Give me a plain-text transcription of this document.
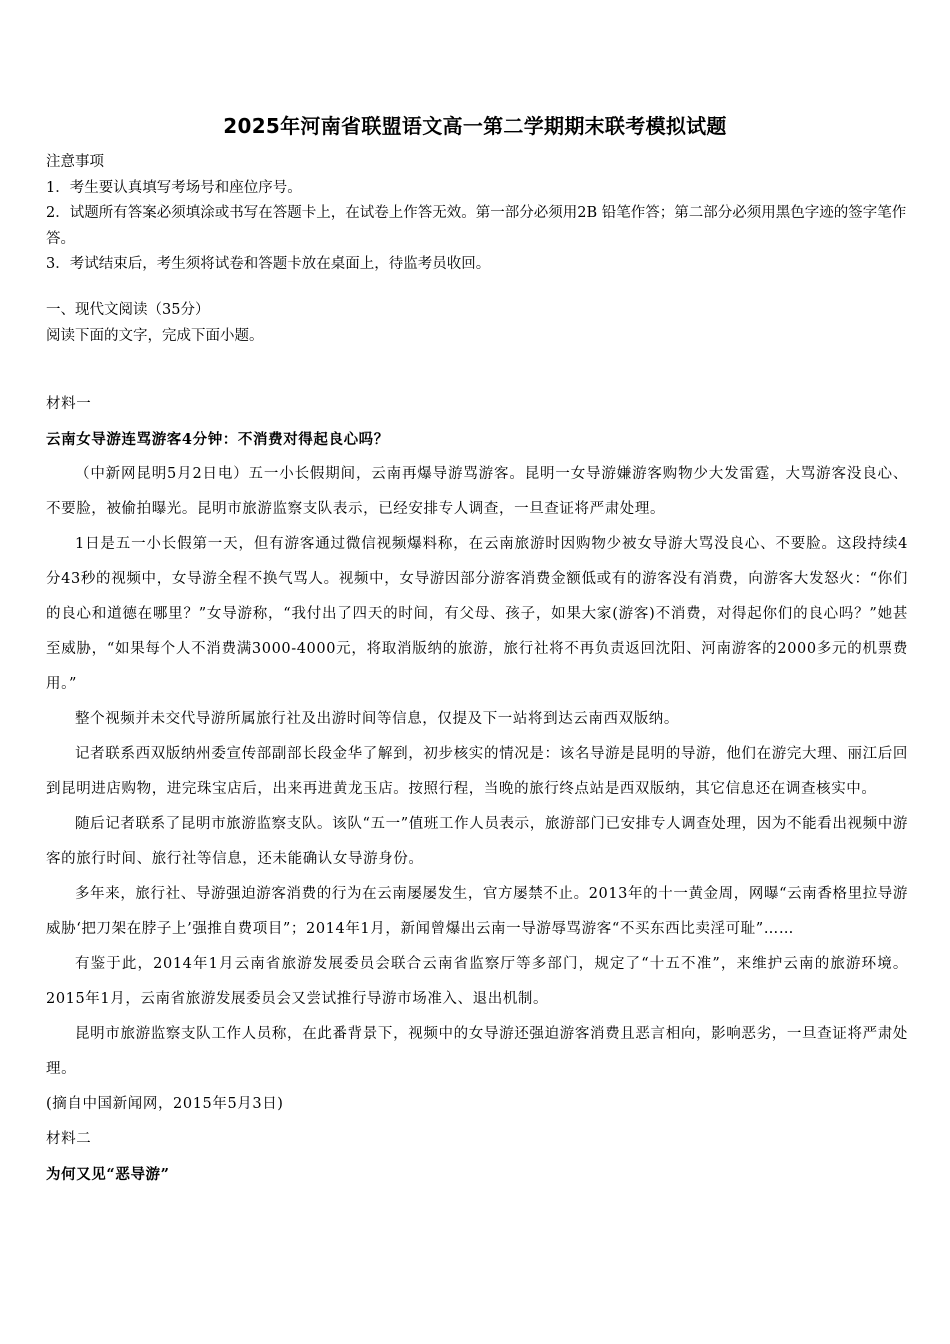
2025年河南省联盟语文高一第二学期期末联考模拟试题

注意事项

1．考生要认真填写考场号和座位序号。

2．试题所有答案必须填涂或书写在答题卡上，在试卷上作答无效。第一部分必须用2B 铅笔作答；第二部分必须用黑色字迹的签字笔作答。

3．考试结束后，考生须将试卷和答题卡放在桌面上，待监考员收回。

一、现代文阅读（35分）

阅读下面的文字，完成下面小题。

材料一

云南女导游连骂游客4分钟：不消费对得起良心吗？

（中新网昆明5月2日电）五一小长假期间，云南再爆导游骂游客。昆明一女导游嫌游客购物少大发雷霆，大骂游客没良心、不要脸，被偷拍曝光。昆明市旅游监察支队表示，已经安排专人调查，一旦查证将严肃处理。

1日是五一小长假第一天，但有游客通过微信视频爆料称，在云南旅游时因购物少被女导游大骂没良心、不要脸。这段持续4分43秒的视频中，女导游全程不换气骂人。视频中，女导游因部分游客消费金额低或有的游客没有消费，向游客大发怒火：“你们的良心和道德在哪里？”女导游称，“我付出了四天的时间，有父母、孩子，如果大家(游客)不消费，对得起你们的良心吗？”她甚至威胁，“如果每个人不消费满3000-4000元，将取消版纳的旅游，旅行社将不再负责返回沈阳、河南游客的2000多元的机票费用。”

整个视频并未交代导游所属旅行社及出游时间等信息，仅提及下一站将到达云南西双版纳。

记者联系西双版纳州委宣传部副部长段金华了解到，初步核实的情况是：该名导游是昆明的导游，他们在游完大理、丽江后回到昆明进店购物，进完珠宝店后，出来再进黄龙玉店。按照行程，当晚的旅行终点站是西双版纳，其它信息还在调查核实中。

随后记者联系了昆明市旅游监察支队。该队“五一”值班工作人员表示，旅游部门已安排专人调查处理，因为不能看出视频中游客的旅行时间、旅行社等信息，还未能确认女导游身份。

多年来，旅行社、导游强迫游客消费的行为在云南屡屡发生，官方屡禁不止。2013年的十一黄金周，网曝“云南香格里拉导游威胁‘把刀架在脖子上’强推自费项目”；2014年1月，新闻曾爆出云南一导游辱骂游客“不买东西比卖淫可耻”……

有鉴于此，2014年1月云南省旅游发展委员会联合云南省监察厅等多部门，规定了“十五不准”，来维护云南的旅游环境。2015年1月，云南省旅游发展委员会又尝试推行导游市场准入、退出机制。

昆明市旅游监察支队工作人员称，在此番背景下，视频中的女导游还强迫游客消费且恶言相向，影响恶劣，一旦查证将严肃处理。

(摘自中国新闻网，2015年5月3日)

材料二

为何又见“恶导游”
